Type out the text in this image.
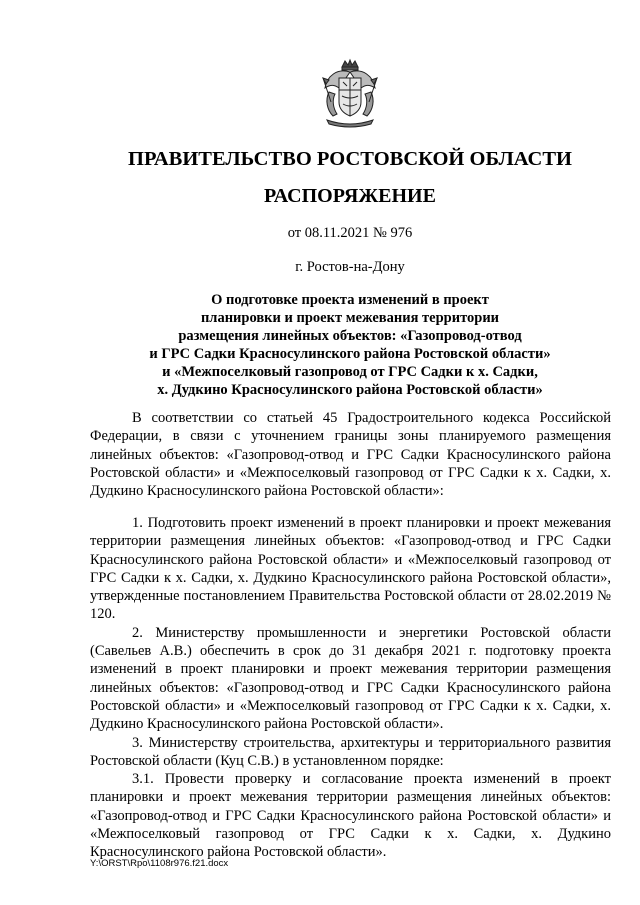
ПРАВИТЕЛЬСТВО РОСТОВСКОЙ ОБЛАСТИ
РАСПОРЯЖЕНИЕ
от 08.11.2021 № 976
г. Ростов-на-Дону
О подготовке проекта изменений в проект
планировки и проект межевания территории
размещения линейных объектов: «Газопровод-отвод
и ГРС Садки Красносулинского района Ростовской области»
и «Межпоселковый газопровод от ГРС Садки к х. Садки,
х. Дудкино Красносулинского района Ростовской области»

В соответствии со статьей 45 Градостроительного кодекса Российской Федерации, в связи с уточнением границы зоны планируемого размещения линейных объектов: «Газопровод-отвод и ГРС Садки Красносулинского района Ростовской области» и «Межпоселковый газопровод от ГРС Садки к х. Садки, х. Дудкино Красносулинского района Ростовской области»:

1. Подготовить проект изменений в проект планировки и проект межевания территории размещения линейных объектов: «Газопровод-отвод и ГРС Садки Красносулинского района Ростовской области» и «Межпоселковый газопровод от ГРС Садки к х. Садки, х. Дудкино Красносулинского района Ростовской области», утвержденные постановлением Правительства Ростовской области от 28.02.2019 № 120.

2. Министерству промышленности и энергетики Ростовской области (Савельев А.В.) обеспечить в срок до 31 декабря 2021 г. подготовку проекта изменений в проект планировки и проект межевания территории размещения линейных объектов: «Газопровод-отвод и ГРС Садки Красносулинского района Ростовской области» и «Межпоселковый газопровод от ГРС Садки к х. Садки, х. Дудкино Красносулинского района Ростовской области».

3. Министерству строительства, архитектуры и территориального развития Ростовской области (Куц С.В.) в установленном порядке:

3.1. Провести проверку и согласование проекта изменений в проект планировки и проект межевания территории размещения линейных объектов: «Газопровод-отвод и ГРС Садки Красносулинского района Ростовской области» и «Межпоселковый газопровод от ГРС Садки к х. Садки, х. Дудкино Красносулинского района Ростовской области».

Y:\ORST\Rpo\1108r976.f21.docx
